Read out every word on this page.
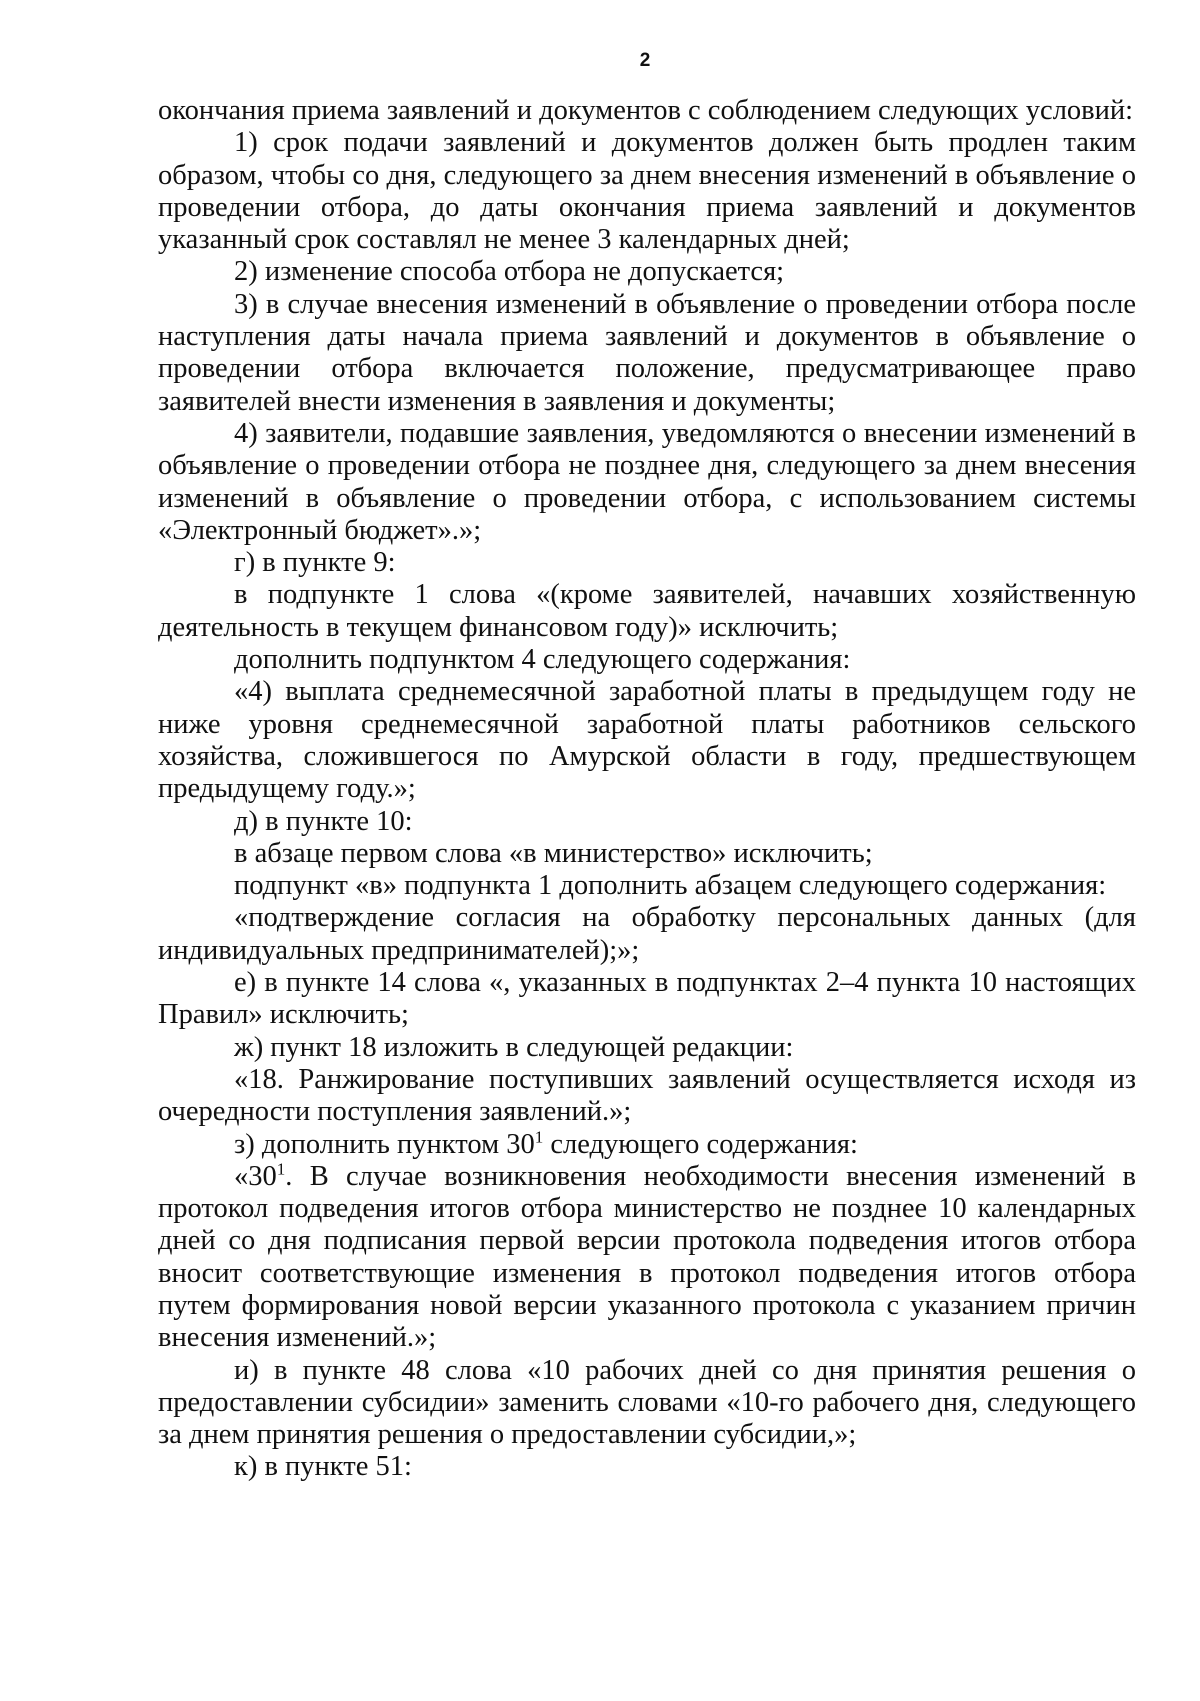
2

окончания приема заявлений и документов с соблюдением следующих условий:

1) срок подачи заявлений и документов должен быть продлен таким образом, чтобы со дня, следующего за днем внесения изменений в объявление о проведении отбора, до даты окончания приема заявлений и документов указанный срок составлял не менее 3 календарных дней;

2) изменение способа отбора не допускается;

3) в случае внесения изменений в объявление о проведении отбора после наступления даты начала приема заявлений и документов в объявление о проведении отбора включается положение, предусматривающее право заявителей внести изменения в заявления и документы;

4) заявители, подавшие заявления, уведомляются о внесении изменений в объявление о проведении отбора не позднее дня, следующего за днем внесения изменений в объявление о проведении отбора, с использованием системы «Электронный бюджет».»;

г) в пункте 9:

в подпункте 1 слова «(кроме заявителей, начавших хозяйственную деятельность в текущем финансовом году)» исключить;

дополнить подпунктом 4 следующего содержания:

«4) выплата среднемесячной заработной платы в предыдущем году не ниже уровня среднемесячной заработной платы работников сельского хозяйства, сложившегося по Амурской области в году, предшествующем предыдущему году.»;

д) в пункте 10:

в абзаце первом слова «в министерство» исключить;

подпункт «в» подпункта 1 дополнить абзацем следующего содержания:

«подтверждение согласия на обработку персональных данных (для индивидуальных предпринимателей);»;

е) в пункте 14 слова «, указанных в подпунктах 2–4 пункта 10 настоящих Правил» исключить;

ж) пункт 18 изложить в следующей редакции:

«18. Ранжирование поступивших заявлений осуществляется исходя из очередности поступления заявлений.»;

з) дополнить пунктом $30^1$ следующего содержания:

«$30^1$. В случае возникновения необходимости внесения изменений в протокол подведения итогов отбора министерство не позднее 10 календарных дней со дня подписания первой версии протокола подведения итогов отбора вносит соответствующие изменения в протокол подведения итогов отбора путем формирования новой версии указанного протокола с указанием причин внесения изменений.»;

и) в пункте 48 слова «10 рабочих дней со дня принятия решения о предоставлении субсидии» заменить словами «10-го рабочего дня, следующего за днем принятия решения о предоставлении субсидии,»;

к) в пункте 51:
